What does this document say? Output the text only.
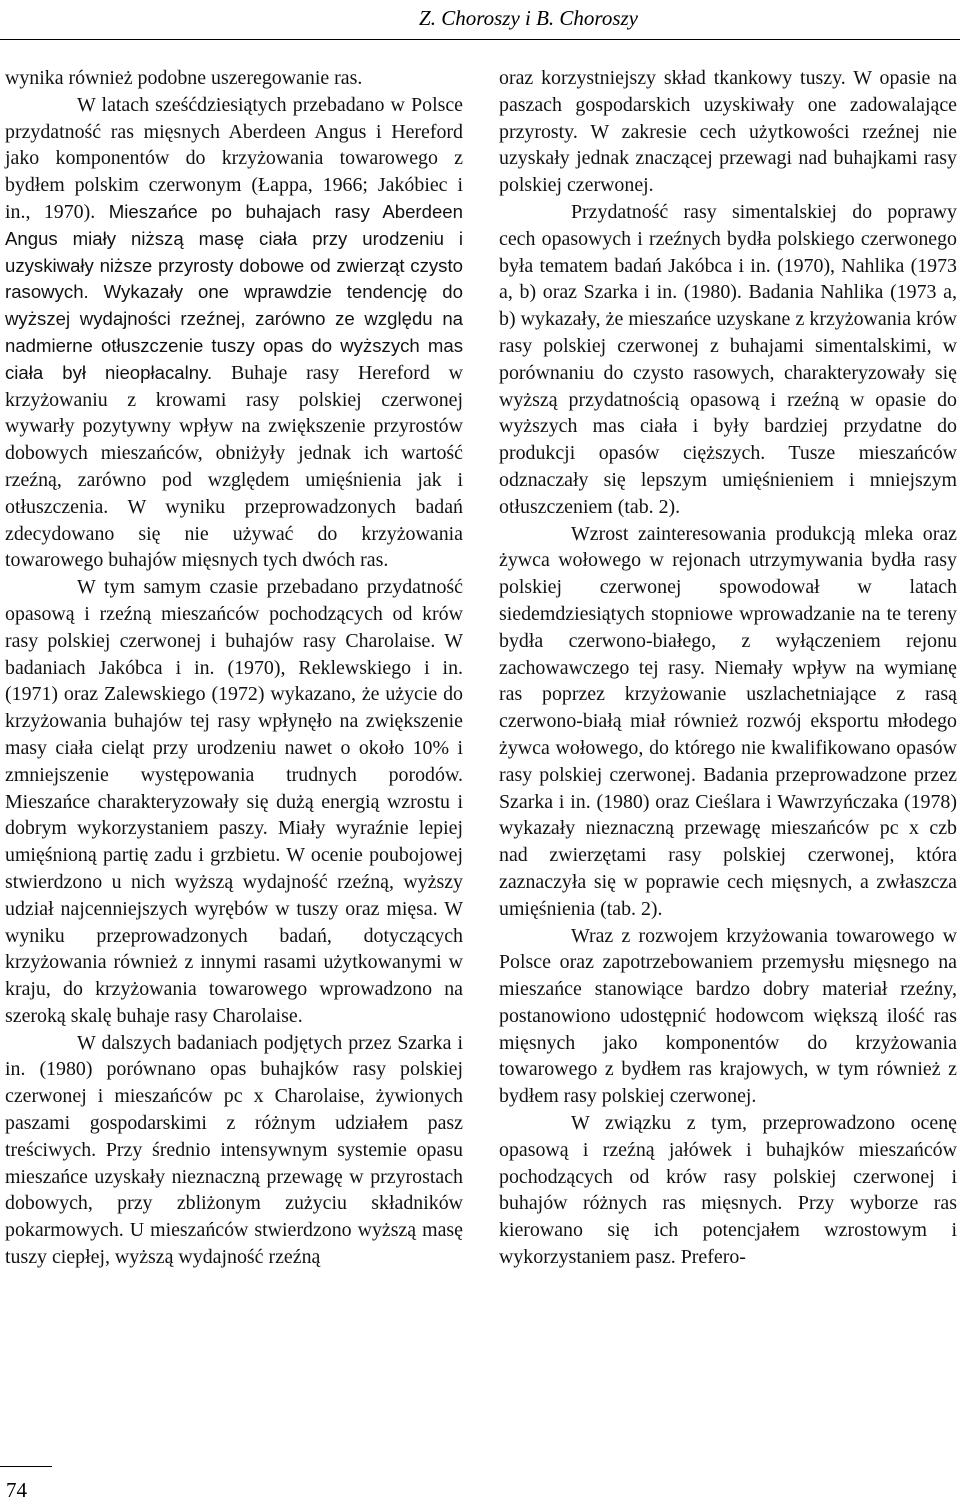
Z. Choroszy i B. Choroszy

wynika również podobne uszeregowanie ras.

W latach sześćdziesiątych przebadano w Polsce przydatność ras mięsnych Aberdeen Angus i Hereford jako komponentów do krzyżowania towarowego z bydłem polskim czerwonym (Łappa, 1966; Jakóbiec i in., 1970). Mieszańce po buhajach rasy Aberdeen Angus miały niższą masę ciała przy urodzeniu i uzyskiwały niższe przyrosty dobowe od zwierząt czysto rasowych. Wykazały one wprawdzie tendencję do wyższej wydajności rzeźnej, zarówno ze względu na nadmierne otłuszczenie tuszy opas do wyższych mas ciała był nieopłacalny. Buhaje rasy Hereford w krzyżowaniu z krowami rasy polskiej czerwonej wywarły pozytywny wpływ na zwiększenie przyrostów dobowych mieszańców, obniżyły jednak ich wartość rzeźną, zarówno pod względem umięśnienia jak i otłuszczenia. W wyniku przeprowadzonych badań zdecydowano się nie używać do krzyżowania towarowego buhajów mięsnych tych dwóch ras.

W tym samym czasie przebadano przydatność opasową i rzeźną mieszańców pochodzących od krów rasy polskiej czerwonej i buhajów rasy Charolaise. W badaniach Jakóbca i in. (1970), Reklewskiego i in. (1971) oraz Zalewskiego (1972) wykazano, że użycie do krzyżowania buhajów tej rasy wpłynęło na zwiększenie masy ciała cieląt przy urodzeniu nawet o około 10% i zmniejszenie występowania trudnych porodów. Mieszańce charakteryzowały się dużą energią wzrostu i dobrym wykorzystaniem paszy. Miały wyraźnie lepiej umięśnioną partię zadu i grzbietu. W ocenie poubojowej stwierdzono u nich wyższą wydajność rzeźną, wyższy udział najcenniejszych wyrębów w tuszy oraz mięsa. W wyniku przeprowadzonych badań, dotyczących krzyżowania również z innymi rasami użytkowanymi w kraju, do krzyżowania towarowego wprowadzono na szeroką skalę buhaje rasy Charolaise.

W dalszych badaniach podjętych przez Szarka i in. (1980) porównano opas buhajków rasy polskiej czerwonej i mieszańców pc x Charolaise, żywionych paszami gospodarskimi z różnym udziałem pasz treściwych. Przy średnio intensywnym systemie opasu mieszańce uzyskały nieznaczną przewagę w przyrostach dobowych, przy zbliżonym zużyciu składników pokarmowych. U mieszańców stwierdzono wyższą masę tuszy ciepłej, wyższą wydajność rzeźną

oraz korzystniejszy skład tkankowy tuszy. W opasie na paszach gospodarskich uzyskiwały one zadowalające przyrosty. W zakresie cech użytkowości rzeźnej nie uzyskały jednak znaczącej przewagi nad buhajkami rasy polskiej czerwonej.

Przydatność rasy simentalskiej do poprawy cech opasowych i rzeźnych bydła polskiego czerwonego była tematem badań Jakóbca i in. (1970), Nahlika (1973 a, b) oraz Szarka i in. (1980). Badania Nahlika (1973 a, b) wykazały, że mieszańce uzyskane z krzyżowania krów rasy polskiej czerwonej z buhajami simentalskimi, w porównaniu do czysto rasowych, charakteryzowały się wyższą przydatnością opasową i rzeźną w opasie do wyższych mas ciała i były bardziej przydatne do produkcji opasów cięższych. Tusze mieszańców odznaczały się lepszym umięśnieniem i mniejszym otłuszczeniem (tab. 2).

Wzrost zainteresowania produkcją mleka oraz żywca wołowego w rejonach utrzymywania bydła rasy polskiej czerwonej spowodował w latach siedemdziesiątych stopniowe wprowadzanie na te tereny bydła czerwono-białego, z wyłączeniem rejonu zachowawczego tej rasy. Niemały wpływ na wymianę ras poprzez krzyżowanie uszlachetniające z rasą czerwono-białą miał również rozwój eksportu młodego żywca wołowego, do którego nie kwalifikowano opasów rasy polskiej czerwonej. Badania przeprowadzone przez Szarka i in. (1980) oraz Cieślara i Wawrzyńczaka (1978) wykazały nieznaczną przewagę mieszańców pc x czb nad zwierzętami rasy polskiej czerwonej, która zaznaczyła się w poprawie cech mięsnych, a zwłaszcza umięśnienia (tab. 2).

Wraz z rozwojem krzyżowania towarowego w Polsce oraz zapotrzebowaniem przemysłu mięsnego na mieszańce stanowiące bardzo dobry materiał rzeźny, postanowiono udostępnić hodowcom większą ilość ras mięsnych jako komponentów do krzyżowania towarowego z bydłem ras krajowych, w tym również z bydłem rasy polskiej czerwonej.

W związku z tym, przeprowadzono ocenę opasową i rzeźną jałówek i buhajków mieszańców pochodzących od krów rasy polskiej czerwonej i buhajów różnych ras mięsnych. Przy wyborze ras kierowano się ich potencjałem wzrostowym i wykorzystaniem pasz. Prefero-

74
